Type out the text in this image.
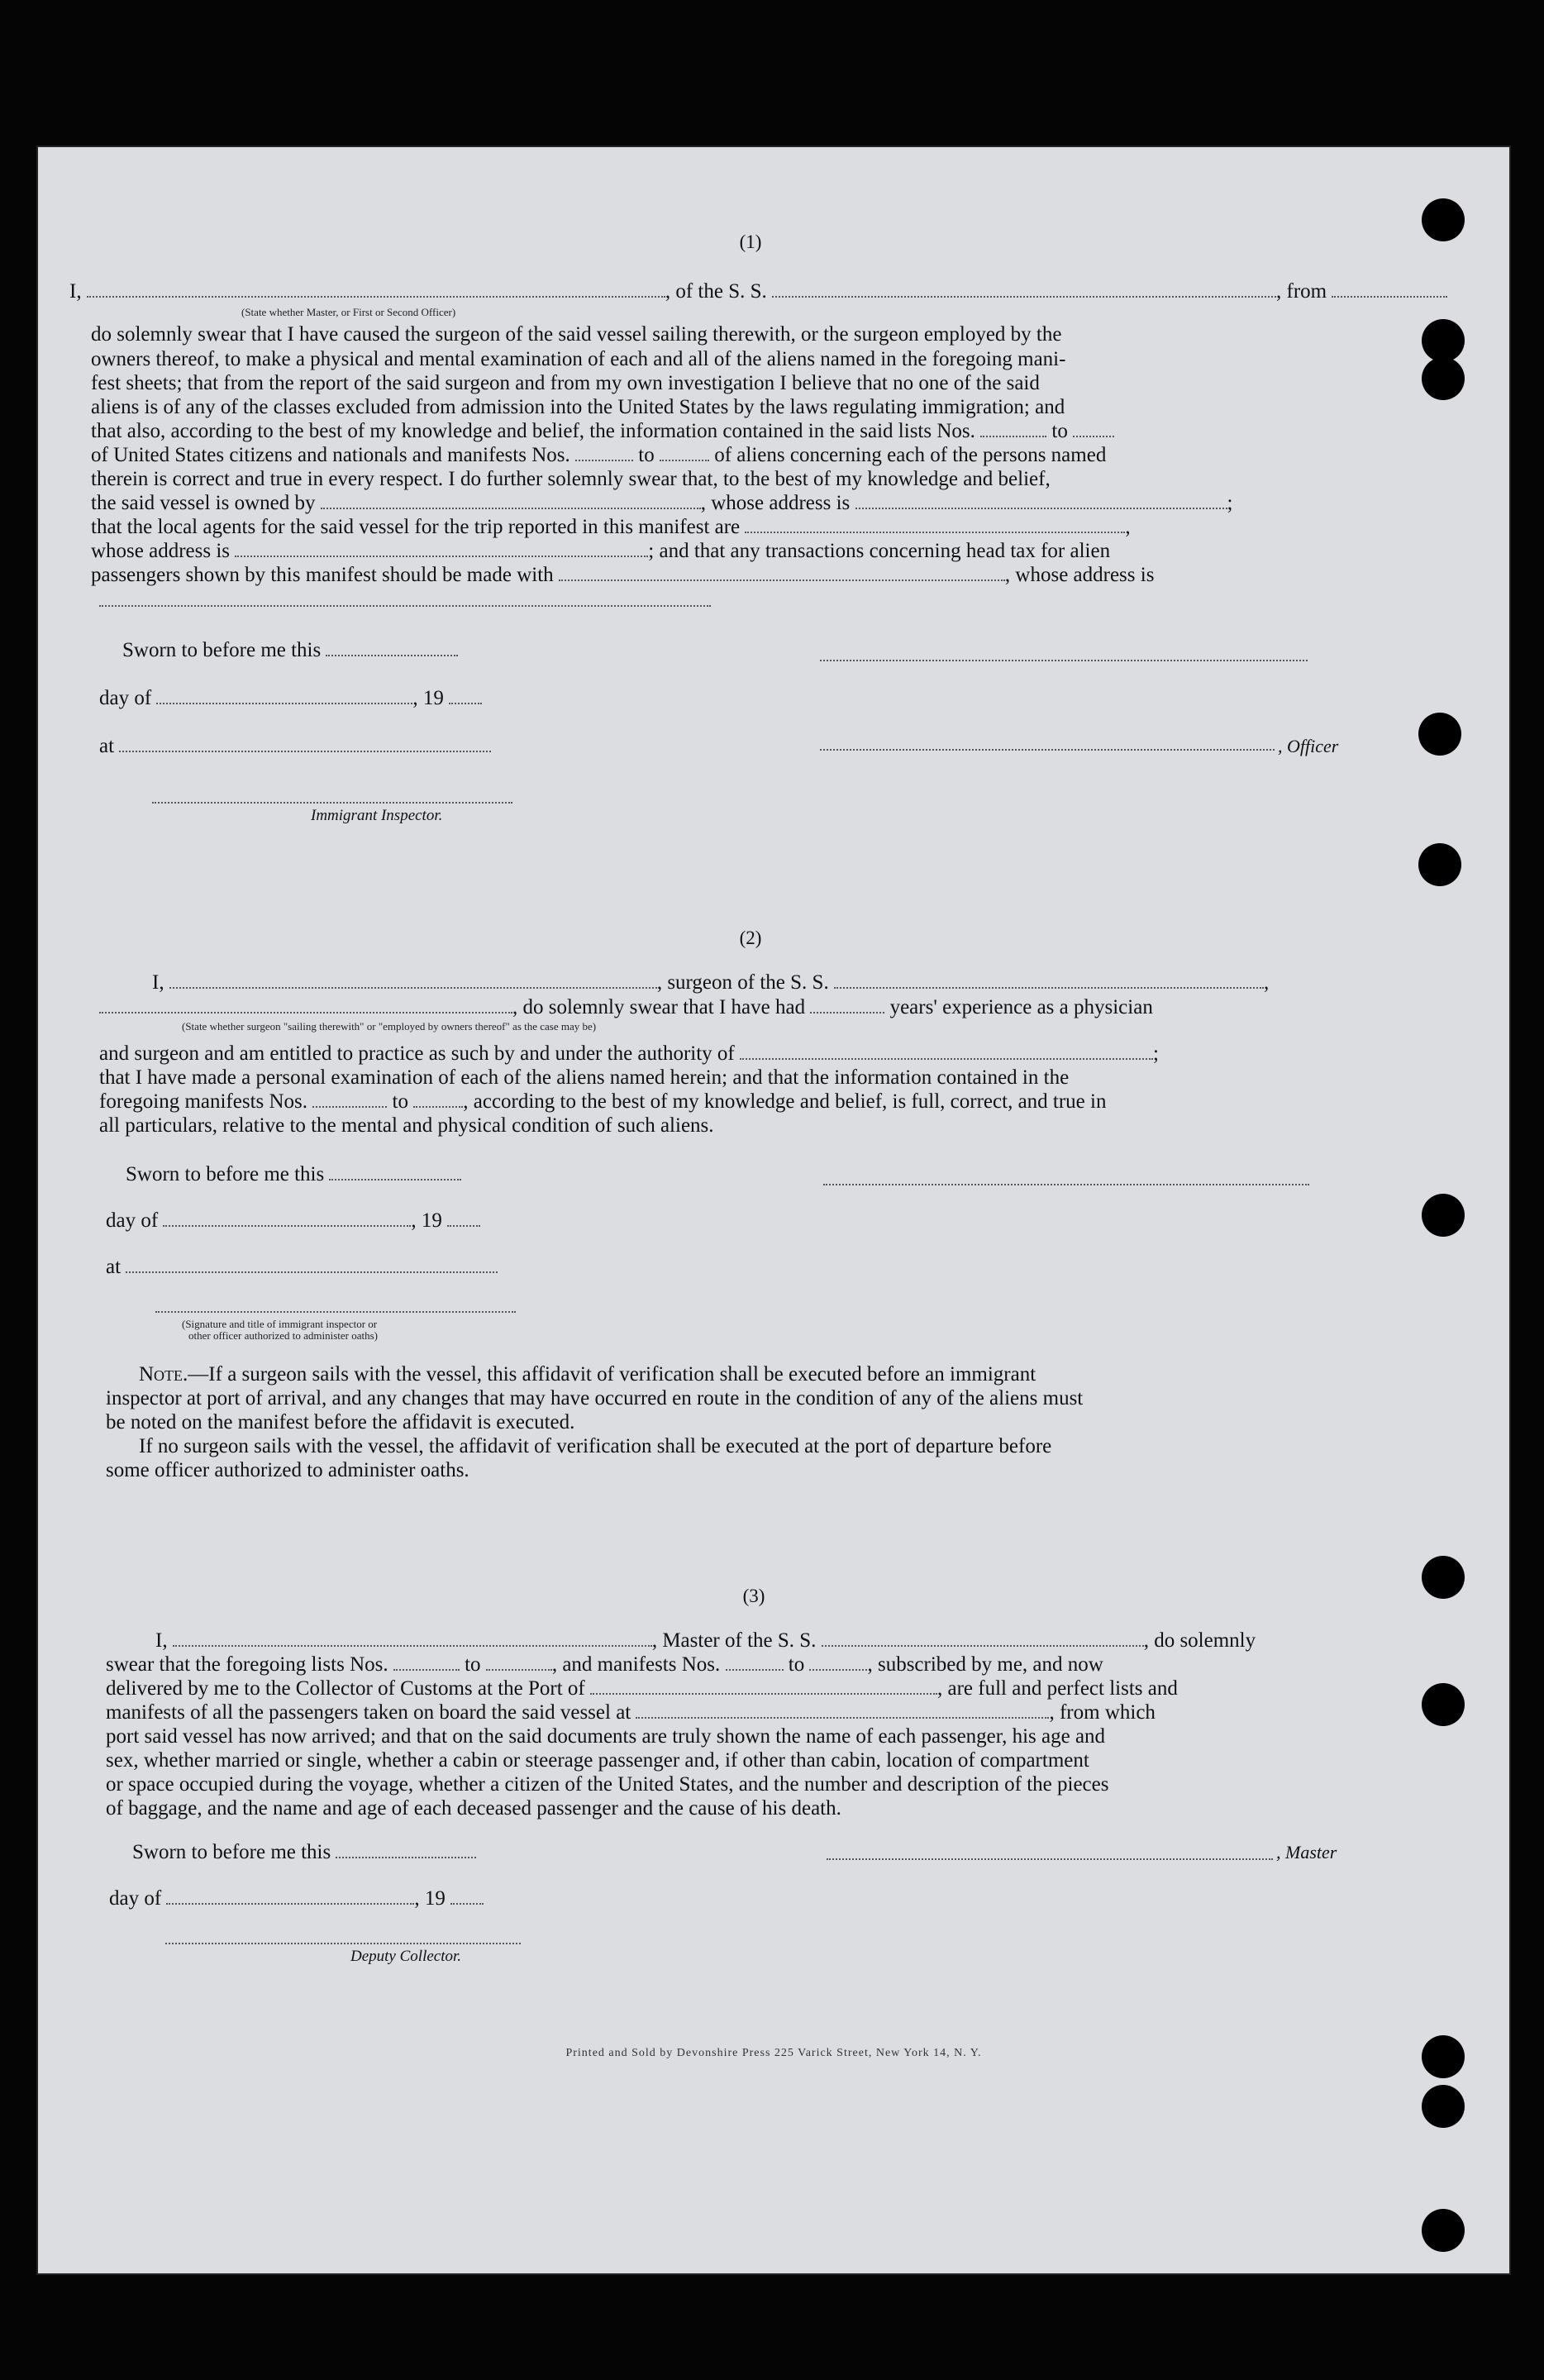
(1)
I,	, of the S. S.	, from
(State whether Master, or First or Second Officer)
do solemnly swear that I have caused the surgeon of the said vessel sailing therewith, or the surgeon employed by the
owners thereof, to make a physical and mental examination of each and all of the aliens named in the foregoing mani-
fest sheets; that from the report of the said surgeon and from my own investigation I believe that no one of the said
aliens is of any of the classes excluded from admission into the United States by the laws regulating immigration; and
that also, according to the best of my knowledge and belief, the information contained in the said lists Nos.	to
of United States citizens and nationals and manifests Nos.	to	of aliens concerning each of the persons named
therein is correct and true in every respect. I do further solemnly swear that, to the best of my knowledge and belief,
the said vessel is owned by	, whose address is	;
that the local agents for the said vessel for the trip reported in this manifest are	,
whose address is	; and that any transactions concerning head tax for alien
passengers shown by this manifest should be made with	, whose address is
Sworn to before me this
day of	, 19
at	, Officer
Immigrant Inspector.
(2)
I,	, surgeon of the S. S.	,
, do solemnly swear that I have had	years' experience as a physician
(State whether surgeon "sailing therewith" or "employed by owners thereof" as the case may be)
and surgeon and am entitled to practice as such by and under the authority of	;
that I have made a personal examination of each of the aliens named herein; and that the information contained in the
foregoing manifests Nos.	to	, according to the best of my knowledge and belief, is full, correct, and true in
all particulars, relative to the mental and physical condition of such aliens.
Sworn to before me this
day of	, 19
at
(Signature and title of immigrant inspector or
other officer authorized to administer oaths)
Note.—If a surgeon sails with the vessel, this affidavit of verification shall be executed before an immigrant
inspector at port of arrival, and any changes that may have occurred en route in the condition of any of the aliens must
be noted on the manifest before the affidavit is executed.
If no surgeon sails with the vessel, the affidavit of verification shall be executed at the port of departure before
some officer authorized to administer oaths.
(3)
I,	, Master of the S. S.	, do solemnly
swear that the foregoing lists Nos.	to	, and manifests Nos.	to	, subscribed by me, and now
delivered by me to the Collector of Customs at the Port of	, are full and perfect lists and
manifests of all the passengers taken on board the said vessel at	, from which
port said vessel has now arrived; and that on the said documents are truly shown the name of each passenger, his age and
sex, whether married or single, whether a cabin or steerage passenger and, if other than cabin, location of compartment
or space occupied during the voyage, whether a citizen of the United States, and the number and description of the pieces
of baggage, and the name and age of each deceased passenger and the cause of his death.
Sworn to before me this	, Master
day of	, 19
Deputy Collector.
Printed and Sold by Devonshire Press 225 Varick Street, New York 14, N. Y.
